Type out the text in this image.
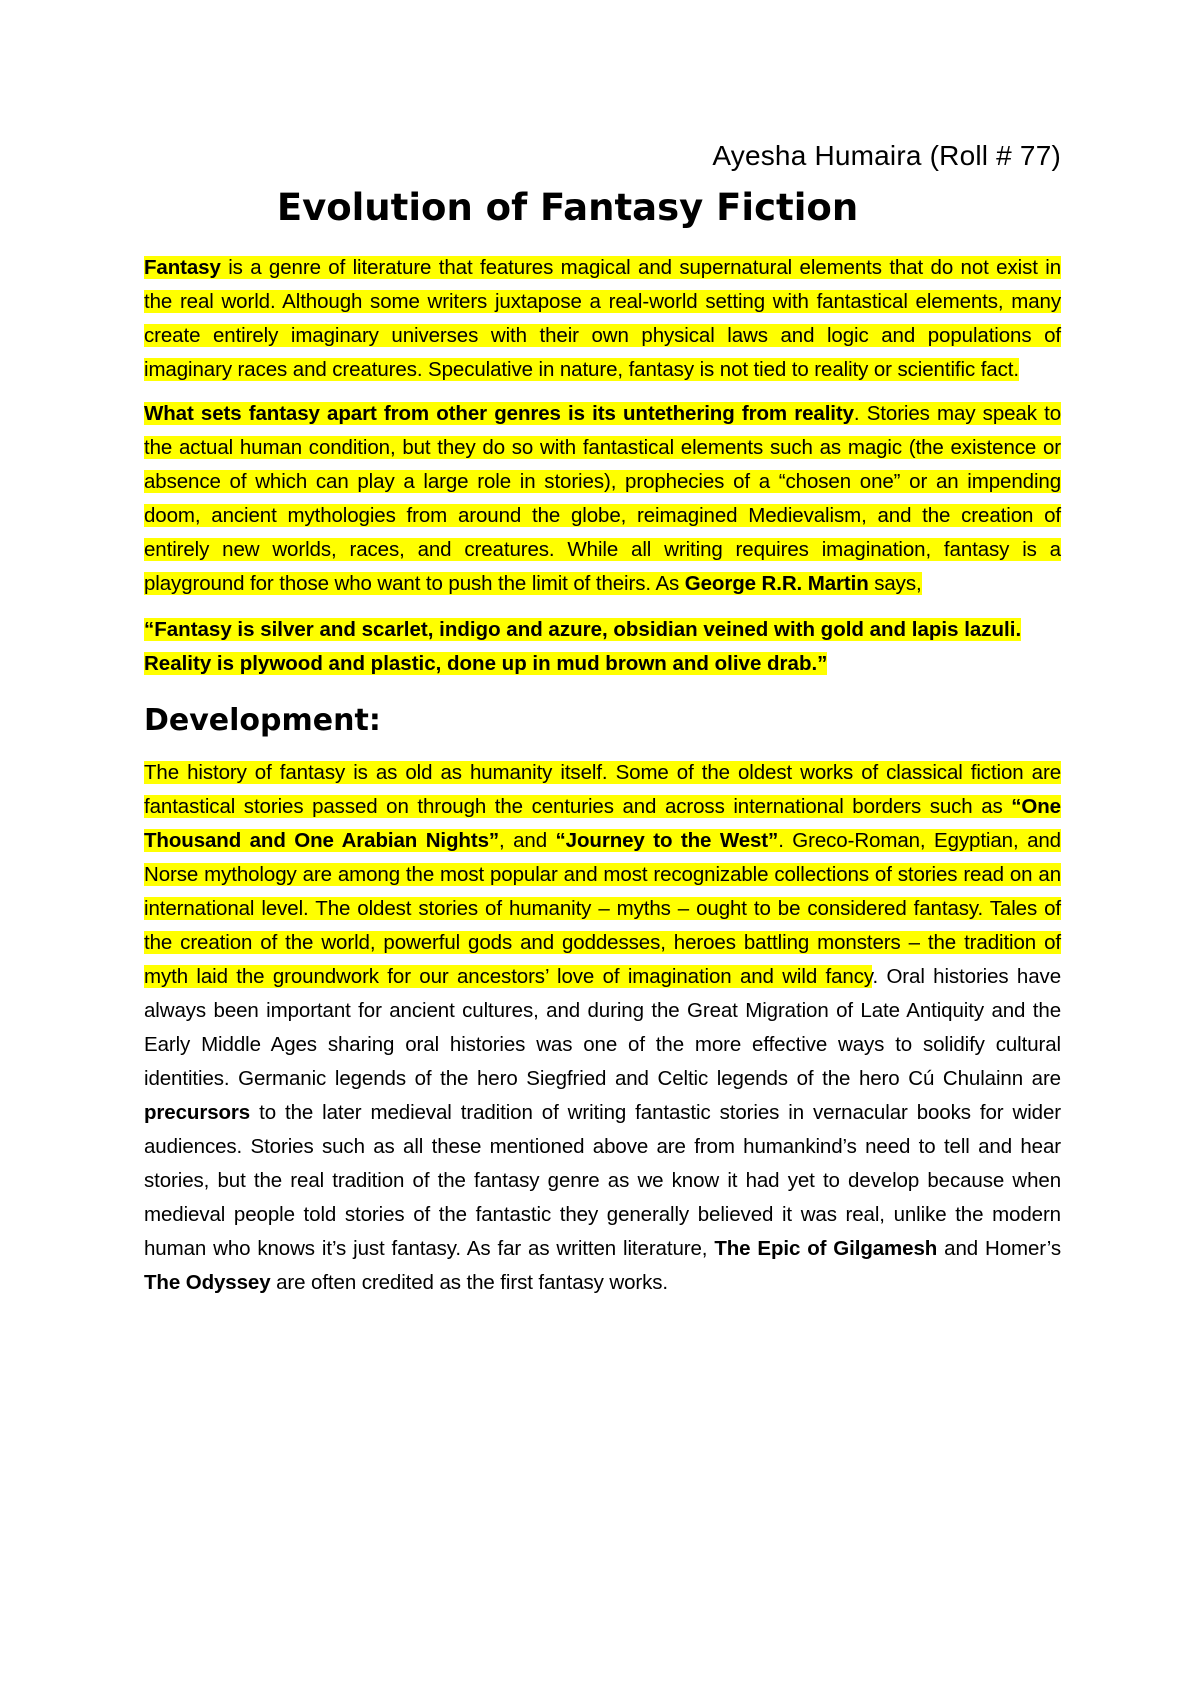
Ayesha Humaira (Roll # 77)
Evolution of Fantasy Fiction

Fantasy is a genre of literature that features magical and supernatural elements that do not exist in the real world. Although some writers juxtapose a real-world setting with fantastical elements, many create entirely imaginary universes with their own physical laws and logic and populations of imaginary races and creatures. Speculative in nature, fantasy is not tied to reality or scientific fact.

What sets fantasy apart from other genres is its untethering from reality. Stories may speak to the actual human condition, but they do so with fantastical elements such as magic (the existence or absence of which can play a large role in stories), prophecies of a “chosen one” or an impending doom, ancient mythologies from around the globe, reimagined Medievalism, and the creation of entirely new worlds, races, and creatures. While all writing requires imagination, fantasy is a playground for those who want to push the limit of theirs. As George R.R. Martin says,

“Fantasy is silver and scarlet, indigo and azure, obsidian veined with gold and lapis lazuli. Reality is plywood and plastic, done up in mud brown and olive drab.”

Development:

The history of fantasy is as old as humanity itself. Some of the oldest works of classical fiction are fantastical stories passed on through the centuries and across international borders such as “One Thousand and One Arabian Nights”, and “Journey to the West”. Greco-Roman, Egyptian, and Norse mythology are among the most popular and most recognizable collections of stories read on an international level. The oldest stories of humanity – myths – ought to be considered fantasy. Tales of the creation of the world, powerful gods and goddesses, heroes battling monsters – the tradition of myth laid the groundwork for our ancestors’ love of imagination and wild fancy. Oral histories have always been important for ancient cultures, and during the Great Migration of Late Antiquity and the Early Middle Ages sharing oral histories was one of the more effective ways to solidify cultural identities. Germanic legends of the hero Siegfried and Celtic legends of the hero Cú Chulainn are precursors to the later medieval tradition of writing fantastic stories in vernacular books for wider audiences. Stories such as all these mentioned above are from humankind’s need to tell and hear stories, but the real tradition of the fantasy genre as we know it had yet to develop because when medieval people told stories of the fantastic they generally believed it was real, unlike the modern human who knows it’s just fantasy. As far as written literature, The Epic of Gilgamesh and Homer’s The Odyssey are often credited as the first fantasy works.
